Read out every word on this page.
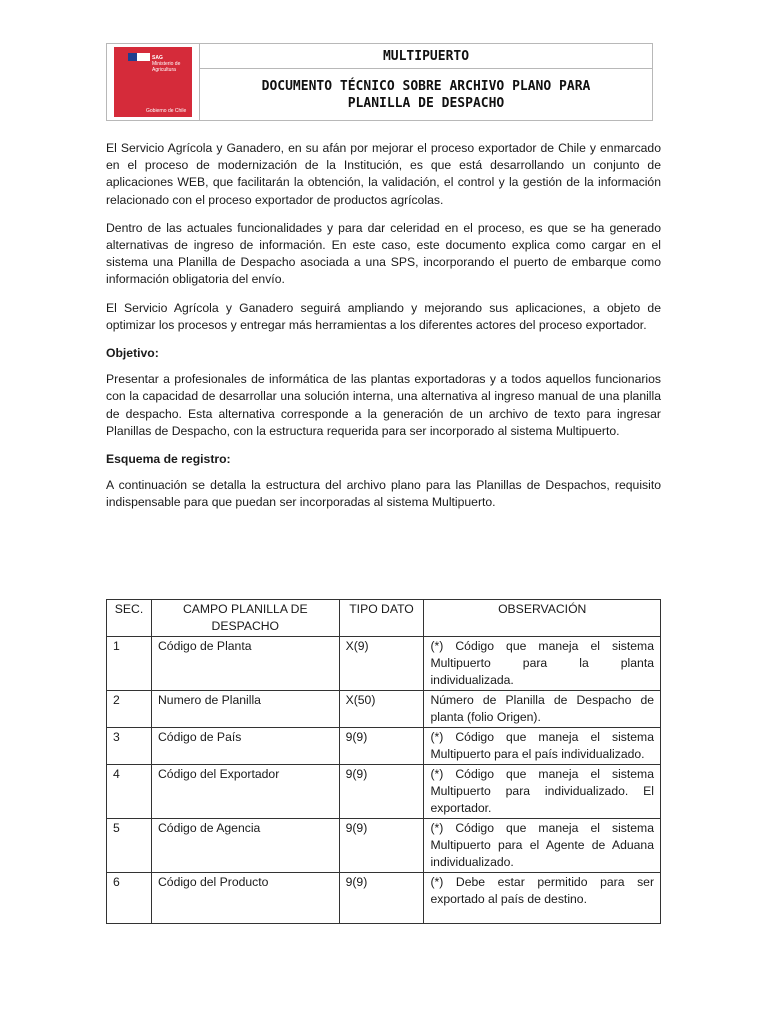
SAG
Ministerio de Agricultura
Gobierno de Chile
MULTIPUERTO
DOCUMENTO TÉCNICO SOBRE ARCHIVO PLANO PARA
PLANILLA DE DESPACHO

El Servicio Agrícola y Ganadero, en su afán por mejorar el proceso exportador de Chile y enmarcado en el proceso de modernización de la Institución, es que está desarrollando un conjunto de aplicaciones WEB, que facilitarán la obtención, la validación, el control y la gestión de la información relacionado con el proceso exportador de productos agrícolas.

Dentro de las actuales funcionalidades y para dar celeridad en el proceso, es que se ha generado alternativas de ingreso de información. En este caso, este documento explica como cargar en el sistema una Planilla de Despacho asociada a una SPS, incorporando el puerto de embarque como información obligatoria del envío.

El Servicio Agrícola y Ganadero seguirá ampliando y mejorando sus aplicaciones, a objeto de optimizar los procesos y entregar más herramientas a los diferentes actores del proceso exportador.

Objetivo:

Presentar a profesionales de informática de las plantas exportadoras y a todos aquellos funcionarios con la capacidad de desarrollar una solución interna, una alternativa al ingreso manual de una planilla de despacho. Esta alternativa corresponde a la generación de un archivo de texto para ingresar Planillas de Despacho, con la estructura requerida para ser incorporado al sistema Multipuerto.

Esquema de registro:

A continuación se detalla la estructura del archivo plano para las Planillas de Despachos, requisito indispensable para que puedan ser incorporadas al sistema Multipuerto.

SEC.	CAMPO PLANILLA DE DESPACHO	TIPO DATO	OBSERVACIÓN
1	Código de Planta	X(9)	(*) Código que maneja el sistema Multipuerto para la planta individualizada.
2	Numero de Planilla	X(50)	Número de Planilla de Despacho de planta (folio Origen).
3	Código de País	9(9)	(*) Código que maneja el sistema Multipuerto para el país individualizado.
4	Código del Exportador	9(9)	(*) Código que maneja el sistema Multipuerto para individualizado. El exportador.
5	Código de Agencia	9(9)	(*) Código que maneja el sistema Multipuerto para el Agente de Aduana individualizado.
6	Código del Producto	9(9)	(*) Debe estar permitido para ser exportado al país de destino.
